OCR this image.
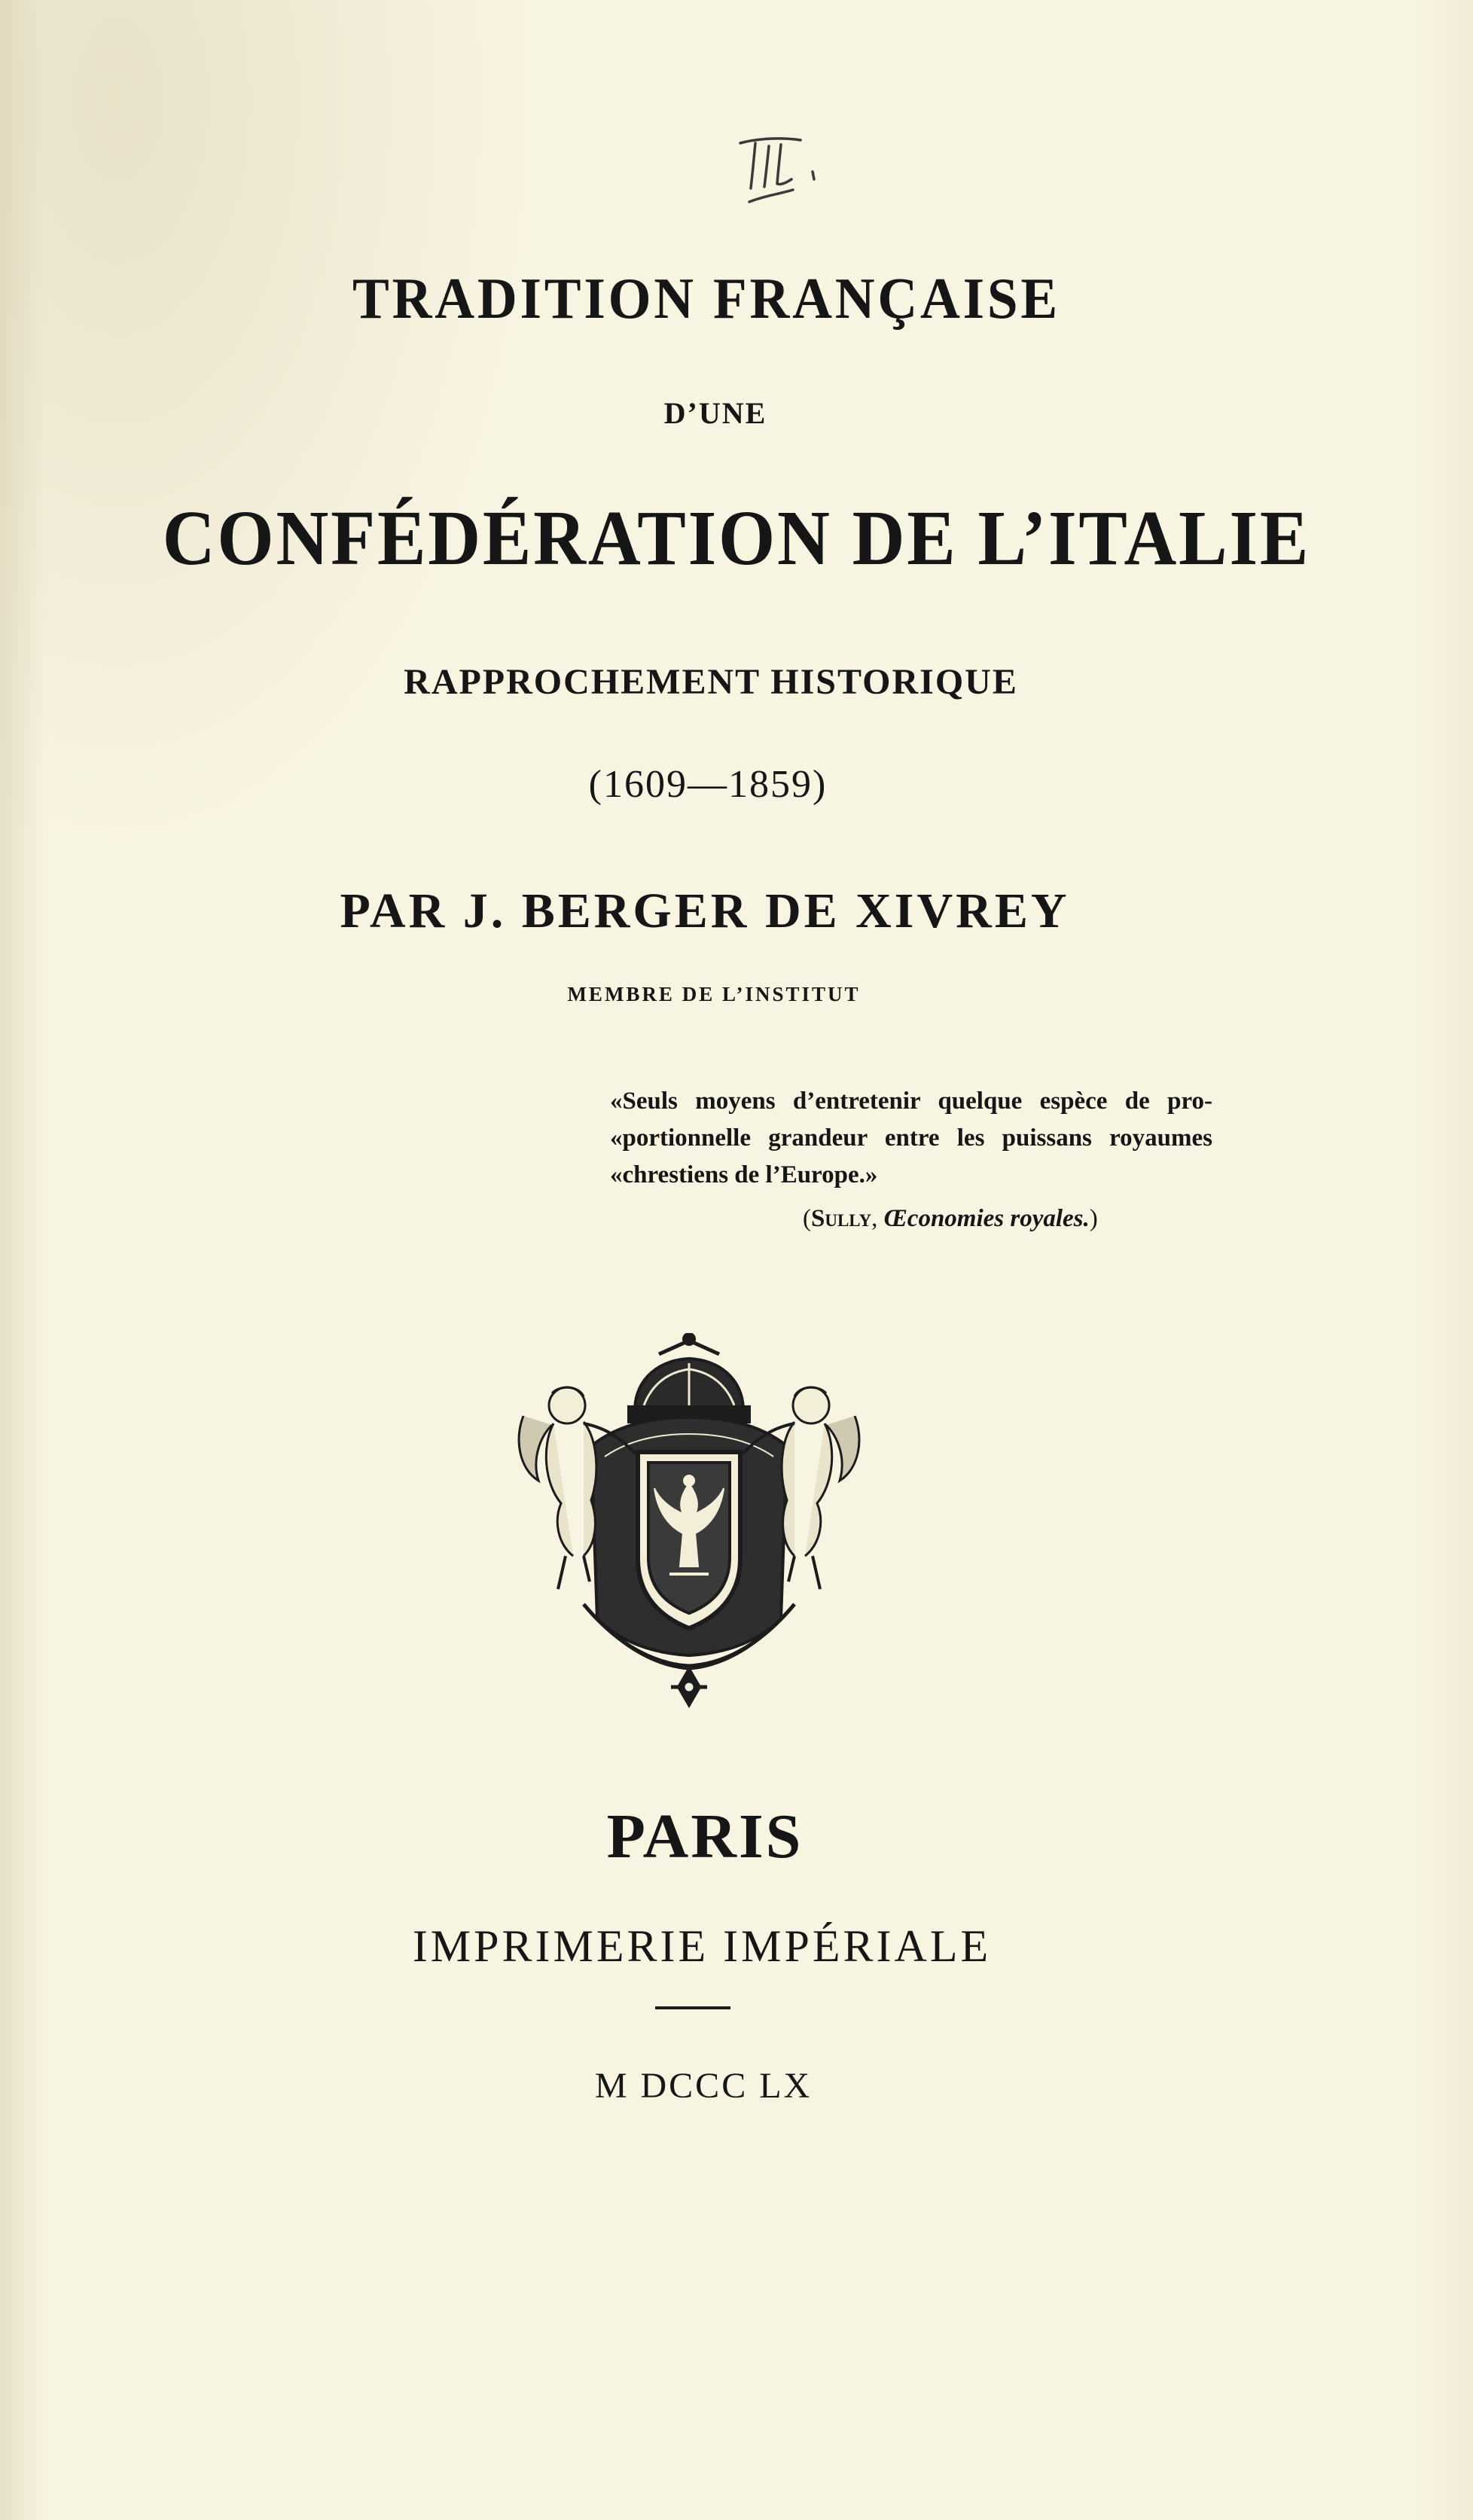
TRADITION FRANÇAISE
D’UNE
CONFÉDÉRATION DE L’ITALIE
RAPPROCHEMENT HISTORIQUE
(1609—1859)
PAR J. BERGER DE XIVREY
MEMBRE DE L’INSTITUT
«Seuls moyens d’entretenir quelque espèce de pro-
«portionnelle grandeur entre les puissans royaumes
«chrestiens de l’Europe.»
(Sully, Œconomies royales.)
PARIS
IMPRIMERIE IMPÉRIALE
M DCCC LX
